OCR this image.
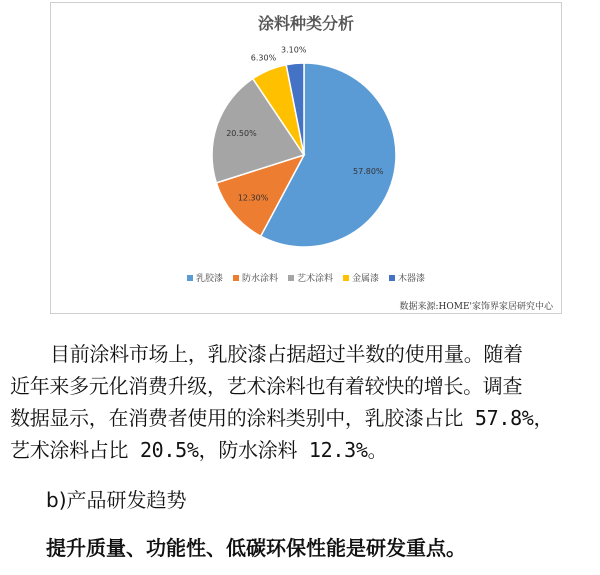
涂料种类分析
57.80%
12.30%
20.50%
6.30%
3.10%
乳胶漆 防水涂料 艺术涂料 金属漆 木器漆
数据来源:HOME'家饰界家居研究中心
目前涂料市场上，乳胶漆占据超过半数的使用量。随着
近年来多元化消费升级，艺术涂料也有着较快的增长。调查
数据显示，在消费者使用的涂料类别中，乳胶漆占比 57.8%，
艺术涂料占比 20.5%，防水涂料 12.3%。
b)产品研发趋势
提升质量、功能性、低碳环保性能是研发重点。
